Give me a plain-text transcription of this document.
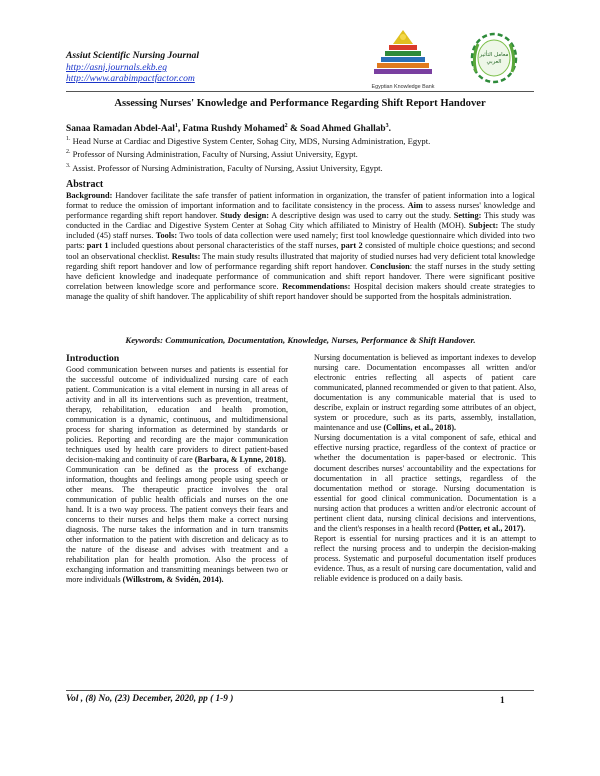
Assiut Scientific Nursing Journal
http://asnj.journals.ekb.eg
http://www.arabimpactfactor.com
Egyptian Knowledge Bank
معامل التأثير العربي
Assessing Nurses' Knowledge and Performance Regarding Shift Report Handover
Sanaa Ramadan Abdel-Aal$^1$, Fatma Rushdy Mohamed$^2$ & Soad Ahmed Ghallab$^3$.
$^{1.}$ Head Nurse at Cardiac and Digestive System Center, Sohag City, MDS, Nursing Administration, Egypt.
$^{2.}$ Professor of Nursing Administration, Faculty of Nursing, Assiut University, Egypt.
$^{3.}$ Assist. Professor of Nursing Administration, Faculty of Nursing, Assiut University, Egypt.
Abstract
Background: Handover facilitate the safe transfer of patient information in organization, the transfer of patient information into a logical format to reduce the omission of important information and to facilitate consistency in the process. Aim to assess nurses' knowledge and performance regarding shift report handover. Study design: A descriptive design was used to carry out the study. Setting: This study was conducted in the Cardiac and Digestive System Center at Sohag City which affiliated to Ministry of Health (MOH). Subject: The study included (45) staff nurses. Tools: Two tools of data collection were used namely; first tool knowledge questionnaire which divided into two parts: part 1 included questions about personal characteristics of the staff nurses, part 2 consisted of multiple choice questions; and second tool an observational checklist. Results: The main study results illustrated that majority of studied nurses had very deficient total knowledge regarding shift report handover and low of performance regarding shift report handover. Conclusion: the staff nurses in the study setting have deficient knowledge and inadequate performance of communication and shift report handover. There were significant positive correlation between knowledge score and performance score. Recommendations: Hospital decision makers should create strategies to manage the quality of shift handover. The applicability of shift report handover should be supported from the hospitals administration.
Keywords: Communication, Documentation, Knowledge, Nurses, Performance & Shift Handover.

Introduction

Good communication between nurses and patients is essential for the successful outcome of individualized nursing care of each patient. Communication is a vital element in nursing in all areas of activity and in all its interventions such as prevention, treatment, therapy, rehabilitation, education and health promotion, communication is a dynamic, continuous, and multidimensional process for sharing information as determined by standards or policies. Reporting and recording are the major communication techniques used by health care providers to direct patient-based decision-making and continuity of care (Barbara, & Lynne, 2018).

Communication can be defined as the process of exchange information, thoughts and feelings among people using speech or other means. The therapeutic practice involves the oral communication of public health officials and nurses on the one hand. It is a two way process. The patient conveys their fears and concerns to their nurses and helps them make a correct nursing diagnosis. The nurse takes the information and in turn transmits other information to the patient with discretion and delicacy as to the nature of the disease and advises with treatment and a rehabilitation plan for health promotion. Also the process of exchanging information and transmitting meanings between two or more individuals (Wilkstrom, & Svidén, 2014).

Nursing documentation is believed as important indexes to develop nursing care. Documentation encompasses all written and/or electronic entries reflecting all aspects of patient care communicated, planned recommended or given to that patient. Also, documentation is any communicable material that is used to describe, explain or instruct regarding some attributes of an object, system or procedure, such as its parts, assembly, installation, maintenance and use (Collins, et al., 2018).

Nursing documentation is a vital component of safe, ethical and effective nursing practice, regardless of the context of practice or whether the documentation is paper-based or electronic. This document describes nurses' accountability and the expectations for documentation in all practice settings, regardless of the documentation method or storage. Nursing documentation is essential for good clinical communication. Documentation is a nursing action that produces a written and/or electronic account of pertinent client data, nursing clinical decisions and interventions, and the client's responses in a health record (Potter, et al., 2017).

Report is essential for nursing practices and it is an attempt to reflect the nursing process and to underpin the decision-making process. Systematic and purposeful documentation itself produces evidence. Thus, as a result of nursing care documentation, valid and reliable evidence is produced on a daily basis.

Vol , (8) No, (23) December, 2020, pp ( 1-9 )	1
